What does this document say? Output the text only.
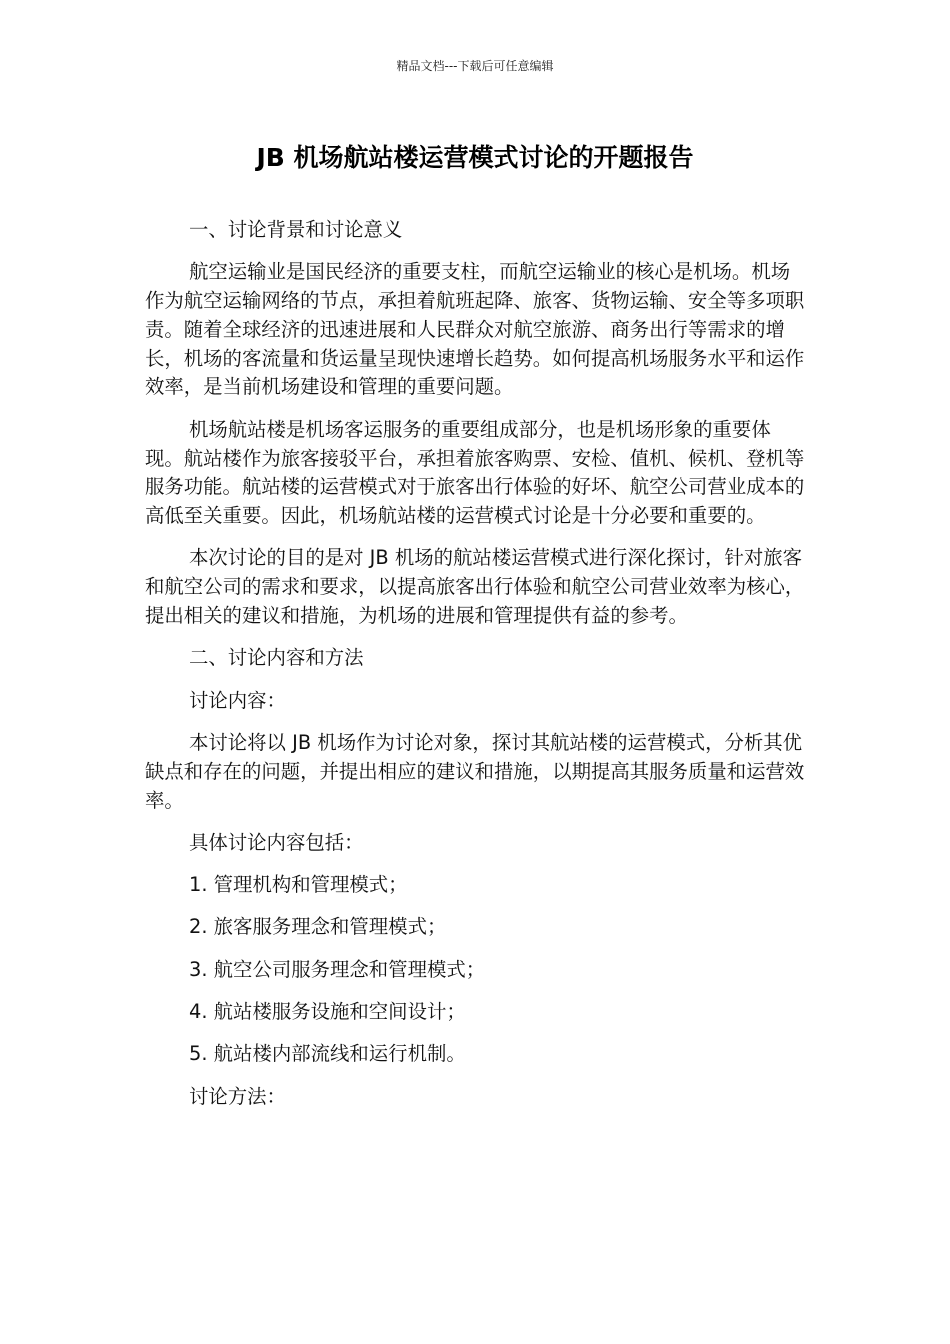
精品文档---下载后可任意编辑
JB 机场航站楼运营模式讨论的开题报告
一、讨论背景和讨论意义
航空运输业是国民经济的重要支柱，而航空运输业的核心是机场。机场作为航空运输网络的节点，承担着航班起降、旅客、货物运输、安全等多项职责。随着全球经济的迅速进展和人民群众对航空旅游、商务出行等需求的增长，机场的客流量和货运量呈现快速增长趋势。如何提高机场服务水平和运作效率，是当前机场建设和管理的重要问题。
机场航站楼是机场客运服务的重要组成部分，也是机场形象的重要体现。航站楼作为旅客接驳平台，承担着旅客购票、安检、值机、候机、登机等服务功能。航站楼的运营模式对于旅客出行体验的好坏、航空公司营业成本的高低至关重要。因此，机场航站楼的运营模式讨论是十分必要和重要的。
本次讨论的目的是对 JB 机场的航站楼运营模式进行深化探讨，针对旅客和航空公司的需求和要求，以提高旅客出行体验和航空公司营业效率为核心，提出相关的建议和措施，为机场的进展和管理提供有益的参考。
二、讨论内容和方法
讨论内容：
本讨论将以 JB 机场作为讨论对象，探讨其航站楼的运营模式，分析其优缺点和存在的问题，并提出相应的建议和措施，以期提高其服务质量和运营效率。
具体讨论内容包括：
1. 管理机构和管理模式；
2. 旅客服务理念和管理模式；
3. 航空公司服务理念和管理模式；
4. 航站楼服务设施和空间设计；
5. 航站楼内部流线和运行机制。
讨论方法：
